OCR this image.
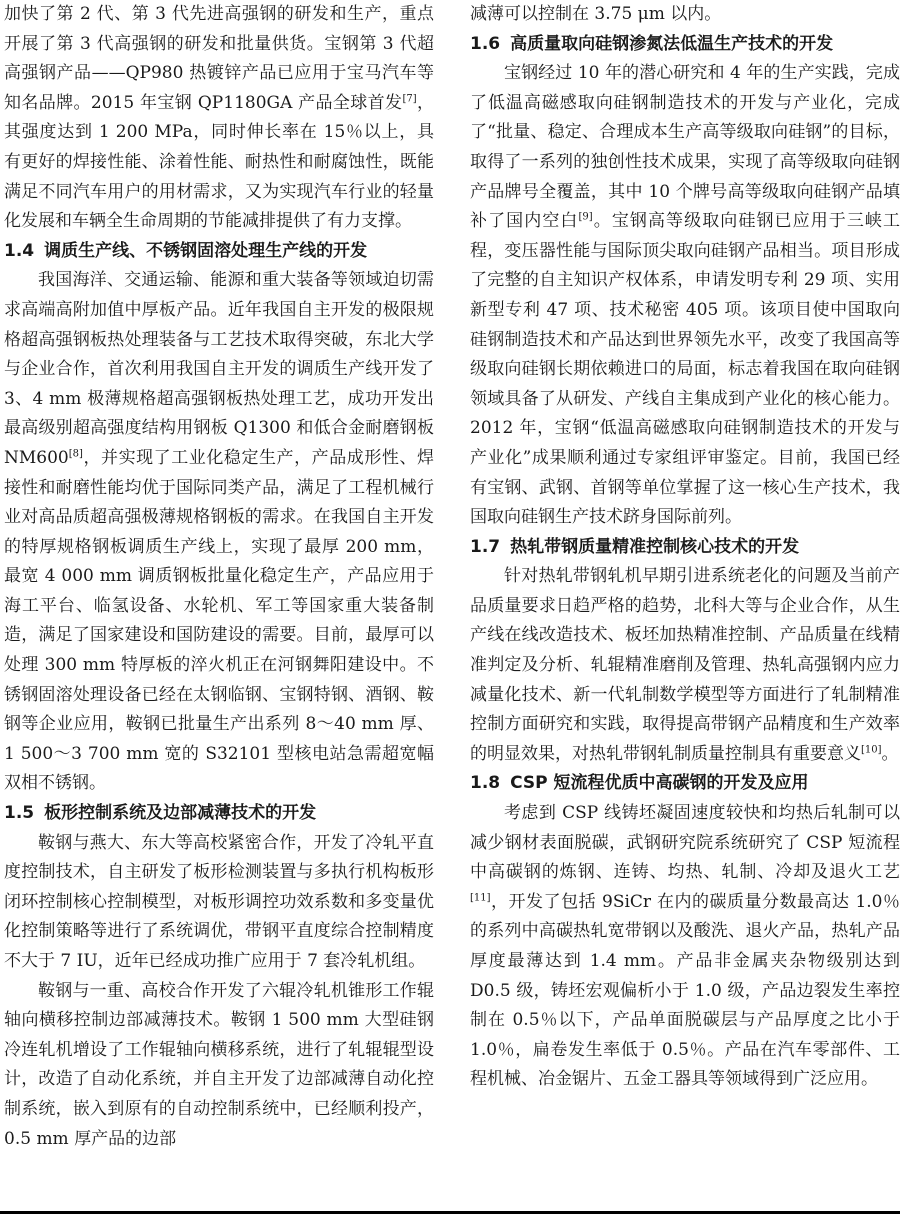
加快了第 2 代、第 3 代先进高强钢的研发和生产，重点开展了第 3 代高强钢的研发和批量供货。宝钢第 3 代超高强钢产品——QP980 热镀锌产品已应用于宝马汽车等知名品牌。2015 年宝钢 QP1180GA 产品全球首发[7]，其强度达到 1 200 MPa，同时伸长率在 15％以上，具有更好的焊接性能、涂着性能、耐热性和耐腐蚀性，既能满足不同汽车用户的用材需求，又为实现汽车行业的轻量化发展和车辆全生命周期的节能减排提供了有力支撑。

1.4 调质生产线、不锈钢固溶处理生产线的开发

我国海洋、交通运输、能源和重大装备等领域迫切需求高端高附加值中厚板产品。近年我国自主开发的极限规格超高强钢板热处理装备与工艺技术取得突破，东北大学与企业合作，首次利用我国自主开发的调质生产线开发了 3、4 mm 极薄规格超高强钢板热处理工艺，成功开发出最高级别超高强度结构用钢板 Q1300 和低合金耐磨钢板 NM600[8]，并实现了工业化稳定生产，产品成形性、焊接性和耐磨性能均优于国际同类产品，满足了工程机械行业对高品质超高强极薄规格钢板的需求。在我国自主开发的特厚规格钢板调质生产线上，实现了最厚 200 mm，最宽 4 000 mm 调质钢板批量化稳定生产，产品应用于海工平台、临氢设备、水轮机、军工等国家重大装备制造，满足了国家建设和国防建设的需要。目前，最厚可以处理 300 mm 特厚板的淬火机正在河钢舞阳建设中。不锈钢固溶处理设备已经在太钢临钢、宝钢特钢、酒钢、鞍钢等企业应用，鞍钢已批量生产出系列 8～40 mm 厚、1 500～3 700 mm 宽的 S32101 型核电站急需超宽幅双相不锈钢。

1.5 板形控制系统及边部减薄技术的开发

鞍钢与燕大、东大等高校紧密合作，开发了冷轧平直度控制技术，自主研发了板形检测装置与多执行机构板形闭环控制核心控制模型，对板形调控功效系数和多变量优化控制策略等进行了系统调优，带钢平直度综合控制精度不大于 7 IU，近年已经成功推广应用于 7 套冷轧机组。

鞍钢与一重、高校合作开发了六辊冷轧机锥形工作辊轴向横移控制边部减薄技术。鞍钢 1 500 mm 大型硅钢冷连轧机增设了工作辊轴向横移系统，进行了轧辊辊型设计，改造了自动化系统，并自主开发了边部减薄自动化控制系统，嵌入到原有的自动控制系统中，已经顺利投产，0.5 mm 厚产品的边部

减薄可以控制在 3.75 μm 以内。

1.6 高质量取向硅钢渗氮法低温生产技术的开发

宝钢经过 10 年的潜心研究和 4 年的生产实践，完成了低温高磁感取向硅钢制造技术的开发与产业化，完成了“批量、稳定、合理成本生产高等级取向硅钢”的目标，取得了一系列的独创性技术成果，实现了高等级取向硅钢产品牌号全覆盖，其中 10 个牌号高等级取向硅钢产品填补了国内空白[9]。宝钢高等级取向硅钢已应用于三峡工程，变压器性能与国际顶尖取向硅钢产品相当。项目形成了完整的自主知识产权体系，申请发明专利 29 项、实用新型专利 47 项、技术秘密 405 项。该项目使中国取向硅钢制造技术和产品达到世界领先水平，改变了我国高等级取向硅钢长期依赖进口的局面，标志着我国在取向硅钢领域具备了从研发、产线自主集成到产业化的核心能力。2012 年，宝钢“低温高磁感取向硅钢制造技术的开发与产业化”成果顺利通过专家组评审鉴定。目前，我国已经有宝钢、武钢、首钢等单位掌握了这一核心生产技术，我国取向硅钢生产技术跻身国际前列。

1.7 热轧带钢质量精准控制核心技术的开发

针对热轧带钢轧机早期引进系统老化的问题及当前产品质量要求日趋严格的趋势，北科大等与企业合作，从生产线在线改造技术、板坯加热精准控制、产品质量在线精准判定及分析、轧辊精准磨削及管理、热轧高强钢内应力减量化技术、新一代轧制数学模型等方面进行了轧制精准控制方面研究和实践，取得提高带钢产品精度和生产效率的明显效果，对热轧带钢轧制质量控制具有重要意义[10]。

1.8 CSP 短流程优质中高碳钢的开发及应用

考虑到 CSP 线铸坯凝固速度较快和均热后轧制可以减少钢材表面脱碳，武钢研究院系统研究了 CSP 短流程中高碳钢的炼钢、连铸、均热、轧制、冷却及退火工艺[11]，开发了包括 9SiCr 在内的碳质量分数最高达 1.0％的系列中高碳热轧宽带钢以及酸洗、退火产品，热轧产品厚度最薄达到 1.4 mm。产品非金属夹杂物级别达到 D0.5 级，铸坯宏观偏析小于 1.0 级，产品边裂发生率控制在 0.5％以下，产品单面脱碳层与产品厚度之比小于 1.0％，扁卷发生率低于 0.5％。产品在汽车零部件、工程机械、冶金锯片、五金工器具等领域得到广泛应用。
